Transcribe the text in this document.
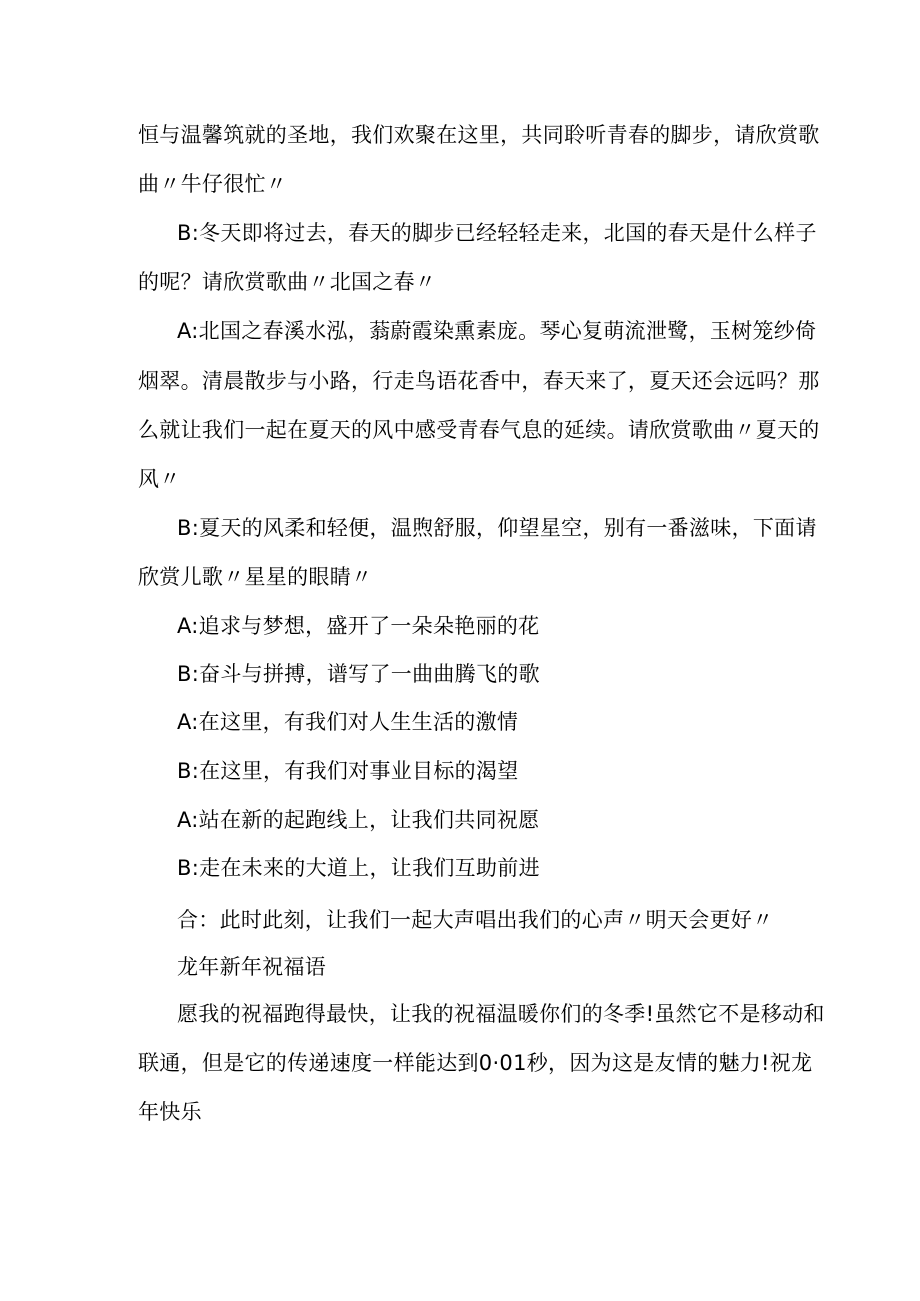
恒与温馨筑就的圣地，我们欢聚在这里，共同聆听青春的脚步，请欣赏歌
曲〃牛仔很忙〃
B:冬天即将过去，春天的脚步已经轻轻走来，北国的春天是什么样子
的呢？请欣赏歌曲〃北国之春〃
A:北国之春溪水泓，蓊蔚霞染熏素庞。琴心复萌流泄鹭，玉树笼纱倚
烟翠。清晨散步与小路，行走鸟语花香中，春天来了，夏天还会远吗？那
么就让我们一起在夏天的风中感受青春气息的延续。请欣赏歌曲〃夏天的
风〃
B:夏天的风柔和轻便，温煦舒服，仰望星空，别有一番滋味，下面请
欣赏儿歌〃星星的眼睛〃
A:追求与梦想，盛开了一朵朵艳丽的花
B:奋斗与拼搏，谱写了一曲曲腾飞的歌
A:在这里，有我们对人生生活的激情
B:在这里，有我们对事业目标的渴望
A:站在新的起跑线上，让我们共同祝愿
B:走在未来的大道上，让我们互助前进
合：此时此刻，让我们一起大声唱出我们的心声〃明天会更好〃
龙年新年祝福语
愿我的祝福跑得最快，让我的祝福温暖你们的冬季!虽然它不是移动和
联通，但是它的传递速度一样能达到0·01秒，因为这是友情的魅力!祝龙
年快乐
